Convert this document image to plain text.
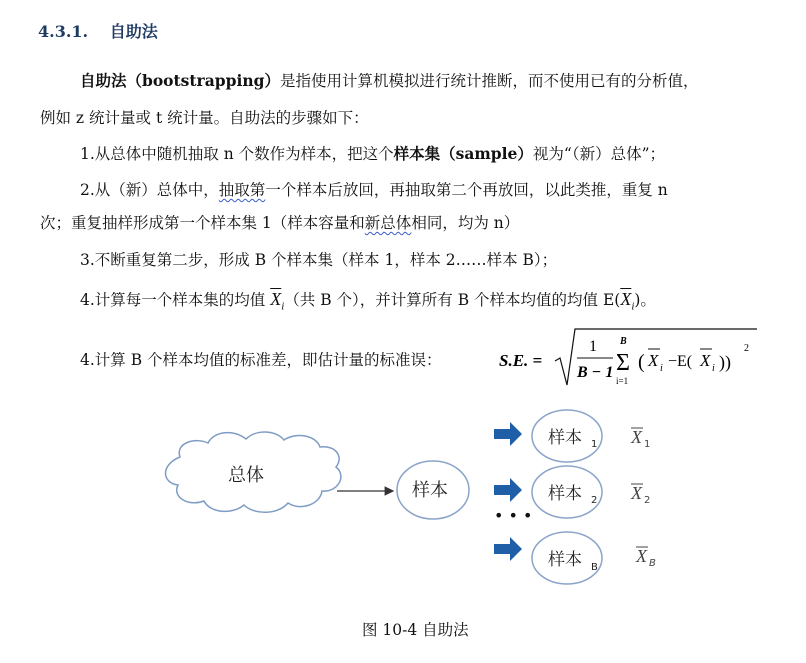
4.3.1. 自助法
自助法（bootstrapping）是指使用计算机模拟进行统计推断，而不使用已有的分析值，
例如 z 统计量或 t 统计量。自助法的步骤如下：
1.从总体中随机抽取 n 个数作为样本，把这个样本集（sample）视为“（新）总体”；
2.从（新）总体中，抽取第一个样本后放回，再抽取第二个再放回，以此类推，重复 n
次；重复抽样形成第一个样本集 1（样本容量和新总体相同，均为 n）
3.不断重复第二步，形成 B 个样本集（样本 1，样本 2……样本 B）；
4.计算每一个样本集的均值 $\overline{X}_i$（共 B 个），并计算所有 B 个样本均值的均值 $E(\overline{X}_i)$。
4.计算 B 个样本均值的标准差，即估计量的标准误：	S.E. =
1
B − 1
B
Σ
i=1
( X i −E( X i ))
2
总体
样本
样本 1 X 1
样本 2 X 2
• • •
样本 B
X B
图 10-4 自助法
